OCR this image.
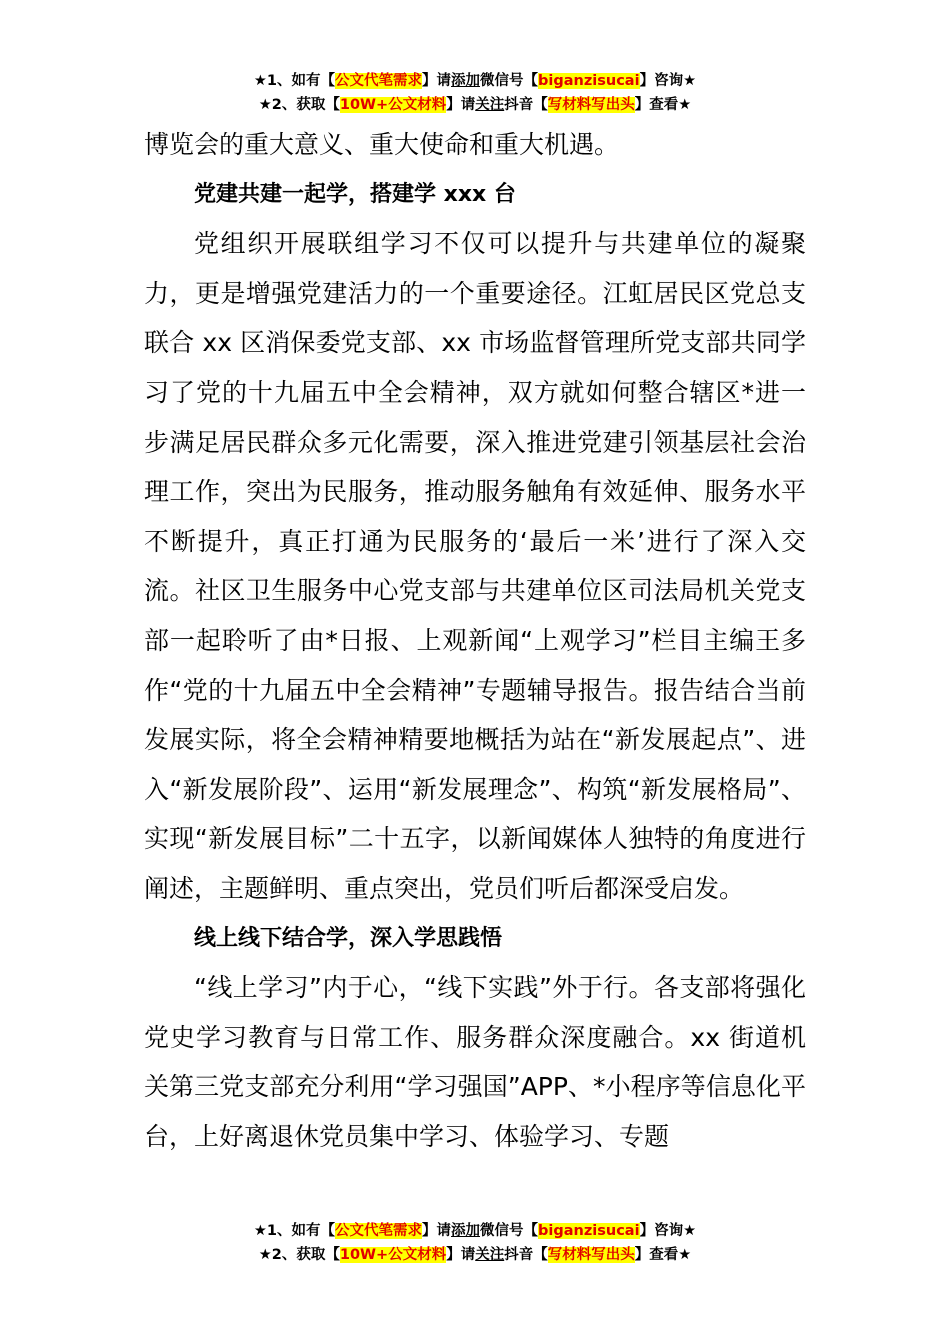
★1、如有【公文代笔需求】请添加微信号【biganzisucai】咨询★
★2、获取【10W+公文材料】请关注抖音【写材料写出头】查看★

博览会的重大意义、重大使命和重大机遇。

党建共建一起学，搭建学 xxx 台

党组织开展联组学习不仅可以提升与共建单位的凝聚力，更是增强党建活力的一个重要途径。江虹居民区党总支联合 xx 区消保委党支部、xx 市场监督管理所党支部共同学习了党的十九届五中全会精神，双方就如何整合辖区*进一步满足居民群众多元化需要，深入推进党建引领基层社会治理工作，突出为民服务，推动服务触角有效延伸、服务水平不断提升，真正打通为民服务的‘最后一米’进行了深入交流。社区卫生服务中心党支部与共建单位区司法局机关党支部一起聆听了由*日报、上观新闻“上观学习”栏目主编王多作“党的十九届五中全会精神”专题辅导报告。报告结合当前发展实际，将全会精神精要地概括为站在“新发展起点”、进入“新发展阶段”、运用“新发展理念”、构筑“新发展格局”、实现“新发展目标”二十五字，以新闻媒体人独特的角度进行阐述，主题鲜明、重点突出，党员们听后都深受启发。

线上线下结合学，深入学思践悟

“线上学习”内于心，“线下实践”外于行。各支部将强化党史学习教育与日常工作、服务群众深度融合。xx 街道机关第三党支部充分利用“学习强国”APP、*小程序等信息化平台，上好离退休党员集中学习、体验学习、专题

★1、如有【公文代笔需求】请添加微信号【biganzisucai】咨询★
★2、获取【10W+公文材料】请关注抖音【写材料写出头】查看★
